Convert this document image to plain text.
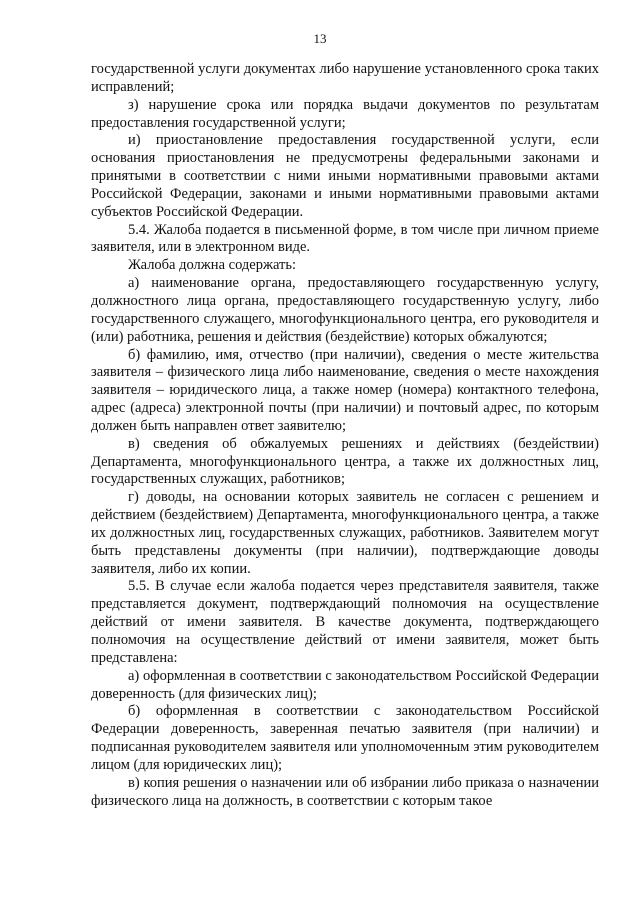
13

государственной услуги документах либо нарушение установленного срока таких исправлений;

з) нарушение срока или порядка выдачи документов по результатам предоставления государственной услуги;

и) приостановление предоставления государственной услуги, если основания приостановления не предусмотрены федеральными законами и принятыми в соответствии с ними иными нормативными правовыми актами Российской Федерации, законами и иными нормативными правовыми актами субъектов Российской Федерации.

5.4. Жалоба подается в письменной форме, в том числе при личном приеме заявителя, или в электронном виде.

Жалоба должна содержать:

а) наименование органа, предоставляющего государственную услугу, должностного лица органа, предоставляющего государственную услугу, либо государственного служащего, многофункционального центра, его руководителя и (или) работника, решения и действия (бездействие) которых обжалуются;

б) фамилию, имя, отчество (при наличии), сведения о месте жительства заявителя – физического лица либо наименование, сведения о месте нахождения заявителя – юридического лица, а также номер (номера) контактного телефона, адрес (адреса) электронной почты (при наличии) и почтовый адрес, по которым должен быть направлен ответ заявителю;

в) сведения об обжалуемых решениях и действиях (бездействии) Департамента, многофункционального центра, а также их должностных лиц, государственных служащих, работников;

г) доводы, на основании которых заявитель не согласен с решением и действием (бездействием) Департамента, многофункционального центра, а также их должностных лиц, государственных служащих, работников. Заявителем могут быть представлены документы (при наличии), подтверждающие доводы заявителя, либо их копии.

5.5. В случае если жалоба подается через представителя заявителя, также представляется документ, подтверждающий полномочия на осуществление действий от имени заявителя. В качестве документа, подтверждающего полномочия на осуществление действий от имени заявителя, может быть представлена:

а) оформленная в соответствии с законодательством Российской Федерации доверенность (для физических лиц);

б) оформленная в соответствии с законодательством Российской Федерации доверенность, заверенная печатью заявителя (при наличии) и подписанная руководителем заявителя или уполномоченным этим руководителем лицом (для юридических лиц);

в) копия решения о назначении или об избрании либо приказа о назначении физического лица на должность, в соответствии с которым такое
